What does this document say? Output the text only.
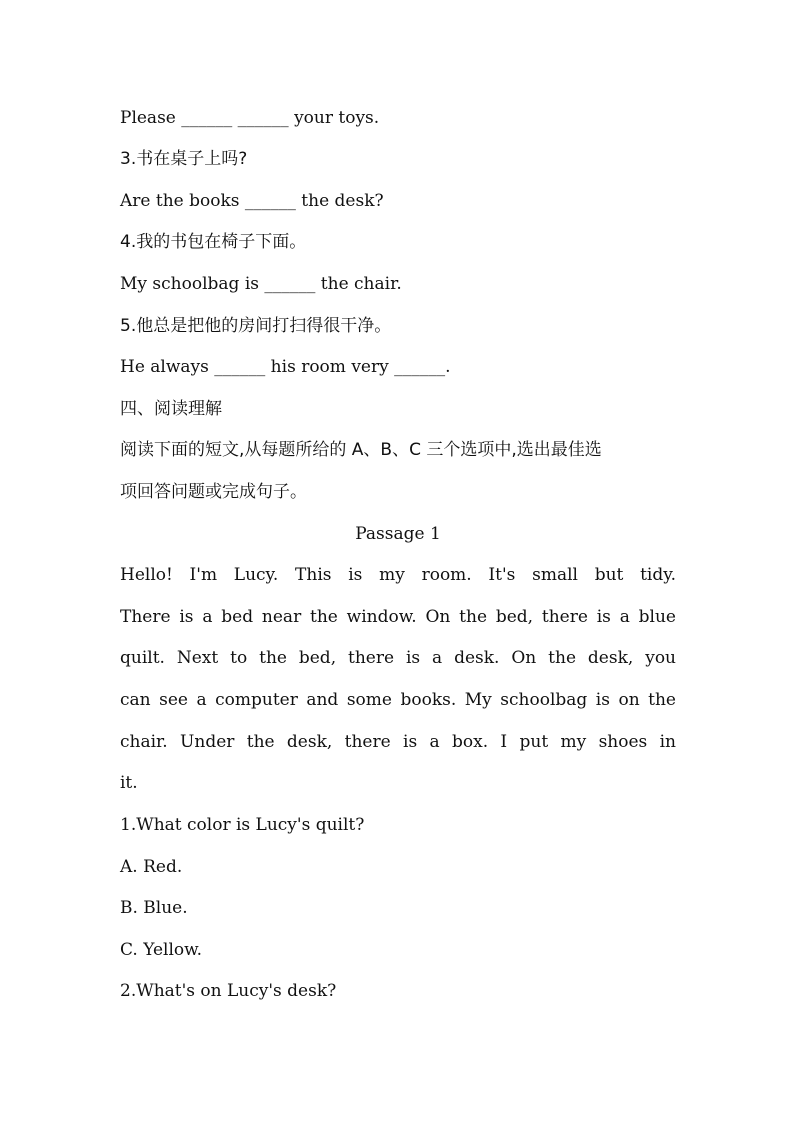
Please ______ ______ your toys.
3.书在桌子上吗?
Are the books ______ the desk?
4.我的书包在椅子下面。
My schoolbag is ______ the chair.
5.他总是把他的房间打扫得很干净。
He always ______ his room very ______.
四、阅读理解
阅读下面的短文,从每题所给的 A、B、C 三个选项中,选出最佳选
项回答问题或完成句子。
Passage 1
Hello! I'm Lucy. This is my room. It's small but tidy.
There is a bed near the window. On the bed, there is a blue
quilt. Next to the bed, there is a desk. On the desk, you
can see a computer and some books. My schoolbag is on the
chair. Under the desk, there is a box. I put my shoes in
it.
1.What color is Lucy's quilt?
A. Red.
B. Blue.
C. Yellow.
2.What's on Lucy's desk?
